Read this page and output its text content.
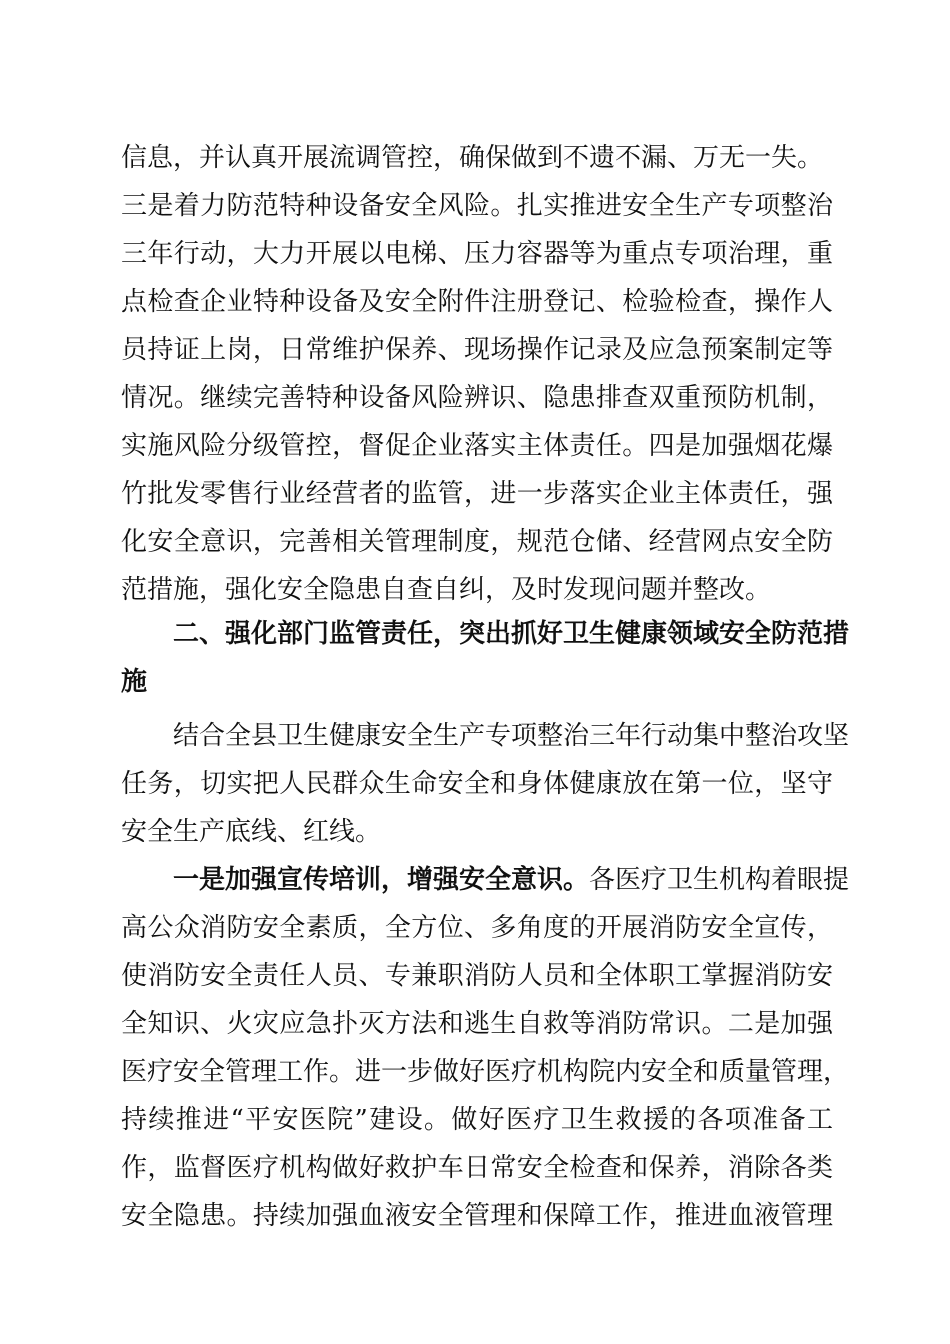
信息，并认真开展流调管控，确保做到不遗不漏、万无一失。
三是着力防范特种设备安全风险。扎实推进安全生产专项整治
三年行动，大力开展以电梯、压力容器等为重点专项治理，重
点检查企业特种设备及安全附件注册登记、检验检查，操作人
员持证上岗，日常维护保养、现场操作记录及应急预案制定等
情况。继续完善特种设备风险辨识、隐患排查双重预防机制，
实施风险分级管控，督促企业落实主体责任。四是加强烟花爆
竹批发零售行业经营者的监管，进一步落实企业主体责任，强
化安全意识，完善相关管理制度，规范仓储、经营网点安全防
范措施，强化安全隐患自查自纠，及时发现问题并整改。
二、强化部门监管责任，突出抓好卫生健康领域安全防范措
施
结合全县卫生健康安全生产专项整治三年行动集中整治攻坚
任务，切实把人民群众生命安全和身体健康放在第一位，坚守
安全生产底线、红线。
一是加强宣传培训，增强安全意识。各医疗卫生机构着眼提
高公众消防安全素质，全方位、多角度的开展消防安全宣传，
使消防安全责任人员、专兼职消防人员和全体职工掌握消防安
全知识、火灾应急扑灭方法和逃生自救等消防常识。二是加强
医疗安全管理工作。进一步做好医疗机构院内安全和质量管理，
持续推进“平安医院”建设。做好医疗卫生救援的各项准备工
作，监督医疗机构做好救护车日常安全检查和保养，消除各类
安全隐患。持续加强血液安全管理和保障工作，推进血液管理
